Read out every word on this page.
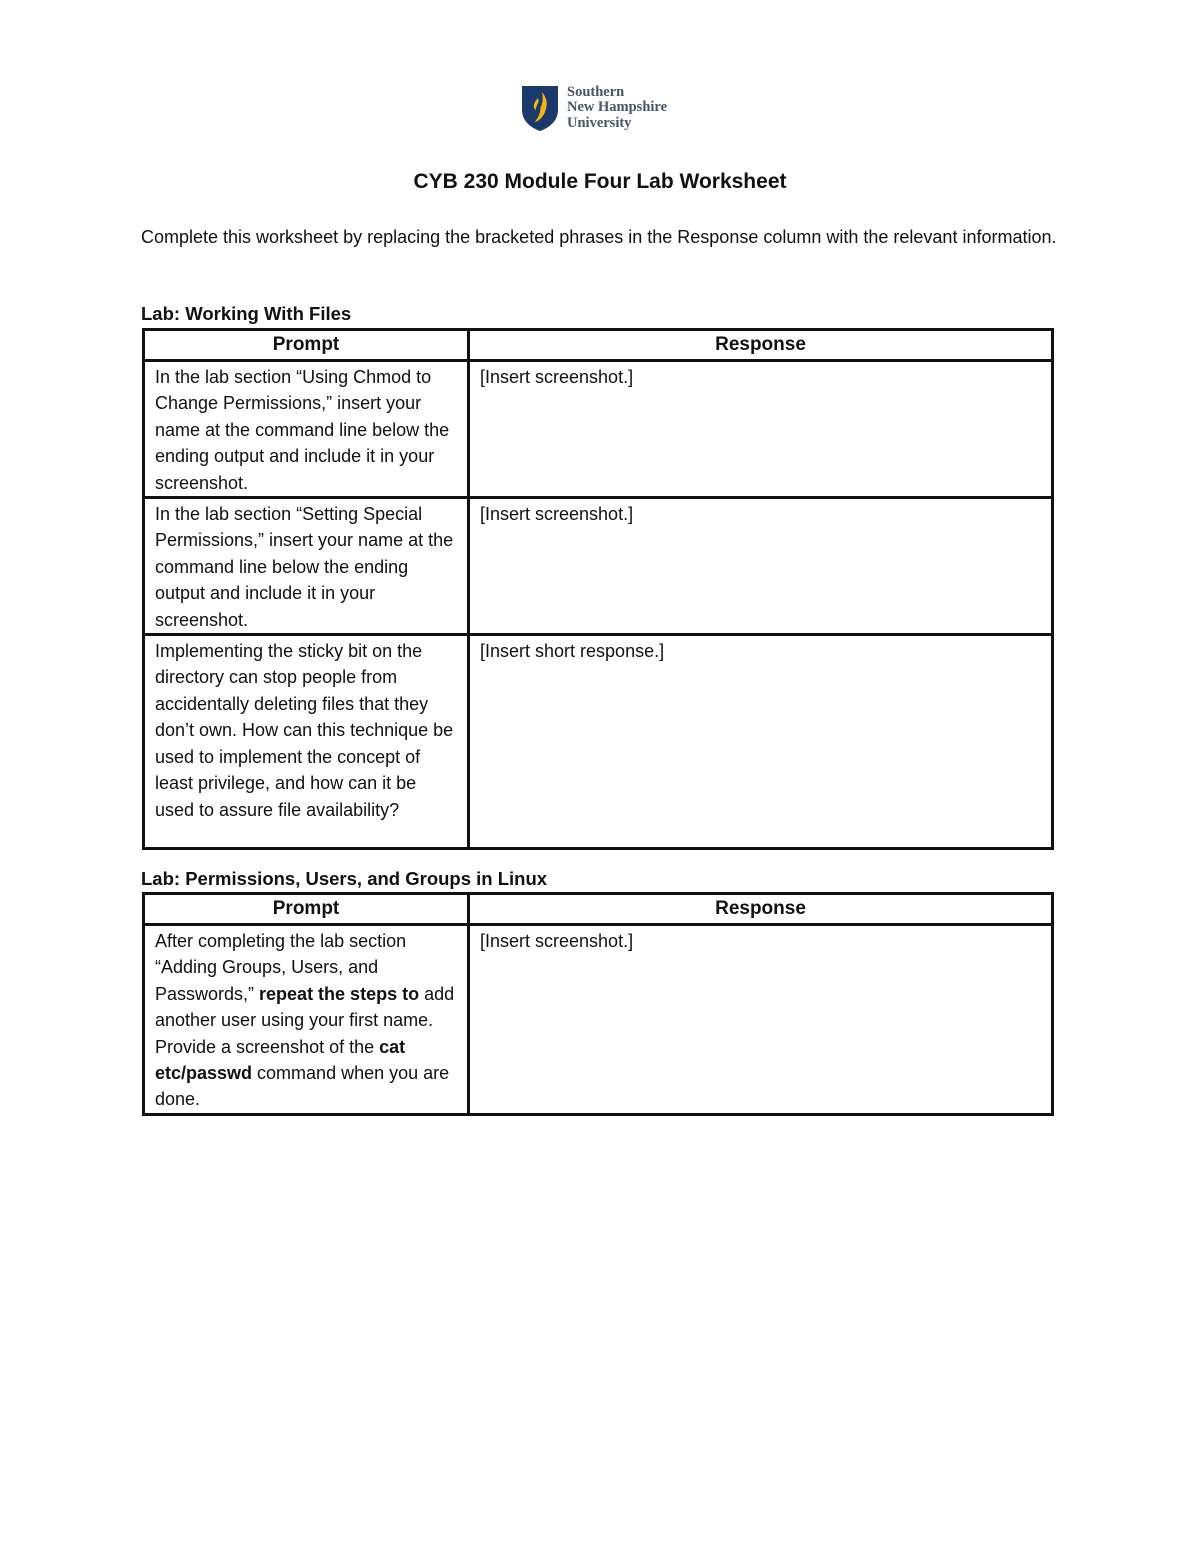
Southern
New Hampshire
University
CYB 230 Module Four Lab Worksheet
Complete this worksheet by replacing the bracketed phrases in the Response column with the relevant information.
Lab: Working With Files
Prompt	Response
In the lab section “Using Chmod to Change Permissions,” insert your name at the command line below the ending output and include it in your screenshot.	[Insert screenshot.]
In the lab section “Setting Special Permissions,” insert your name at the command line below the ending output and include it in your screenshot.	[Insert screenshot.]
Implementing the sticky bit on the directory can stop people from accidentally deleting files that they don’t own. How can this technique be used to implement the concept of least privilege, and how can it be used to assure file availability?	[Insert short response.]
Lab: Permissions, Users, and Groups in Linux
Prompt	Response
After completing the lab section “Adding Groups, Users, and Passwords,” repeat the steps to add another user using your first name. Provide a screenshot of the cat etc/passwd command when you are done.	[Insert screenshot.]
